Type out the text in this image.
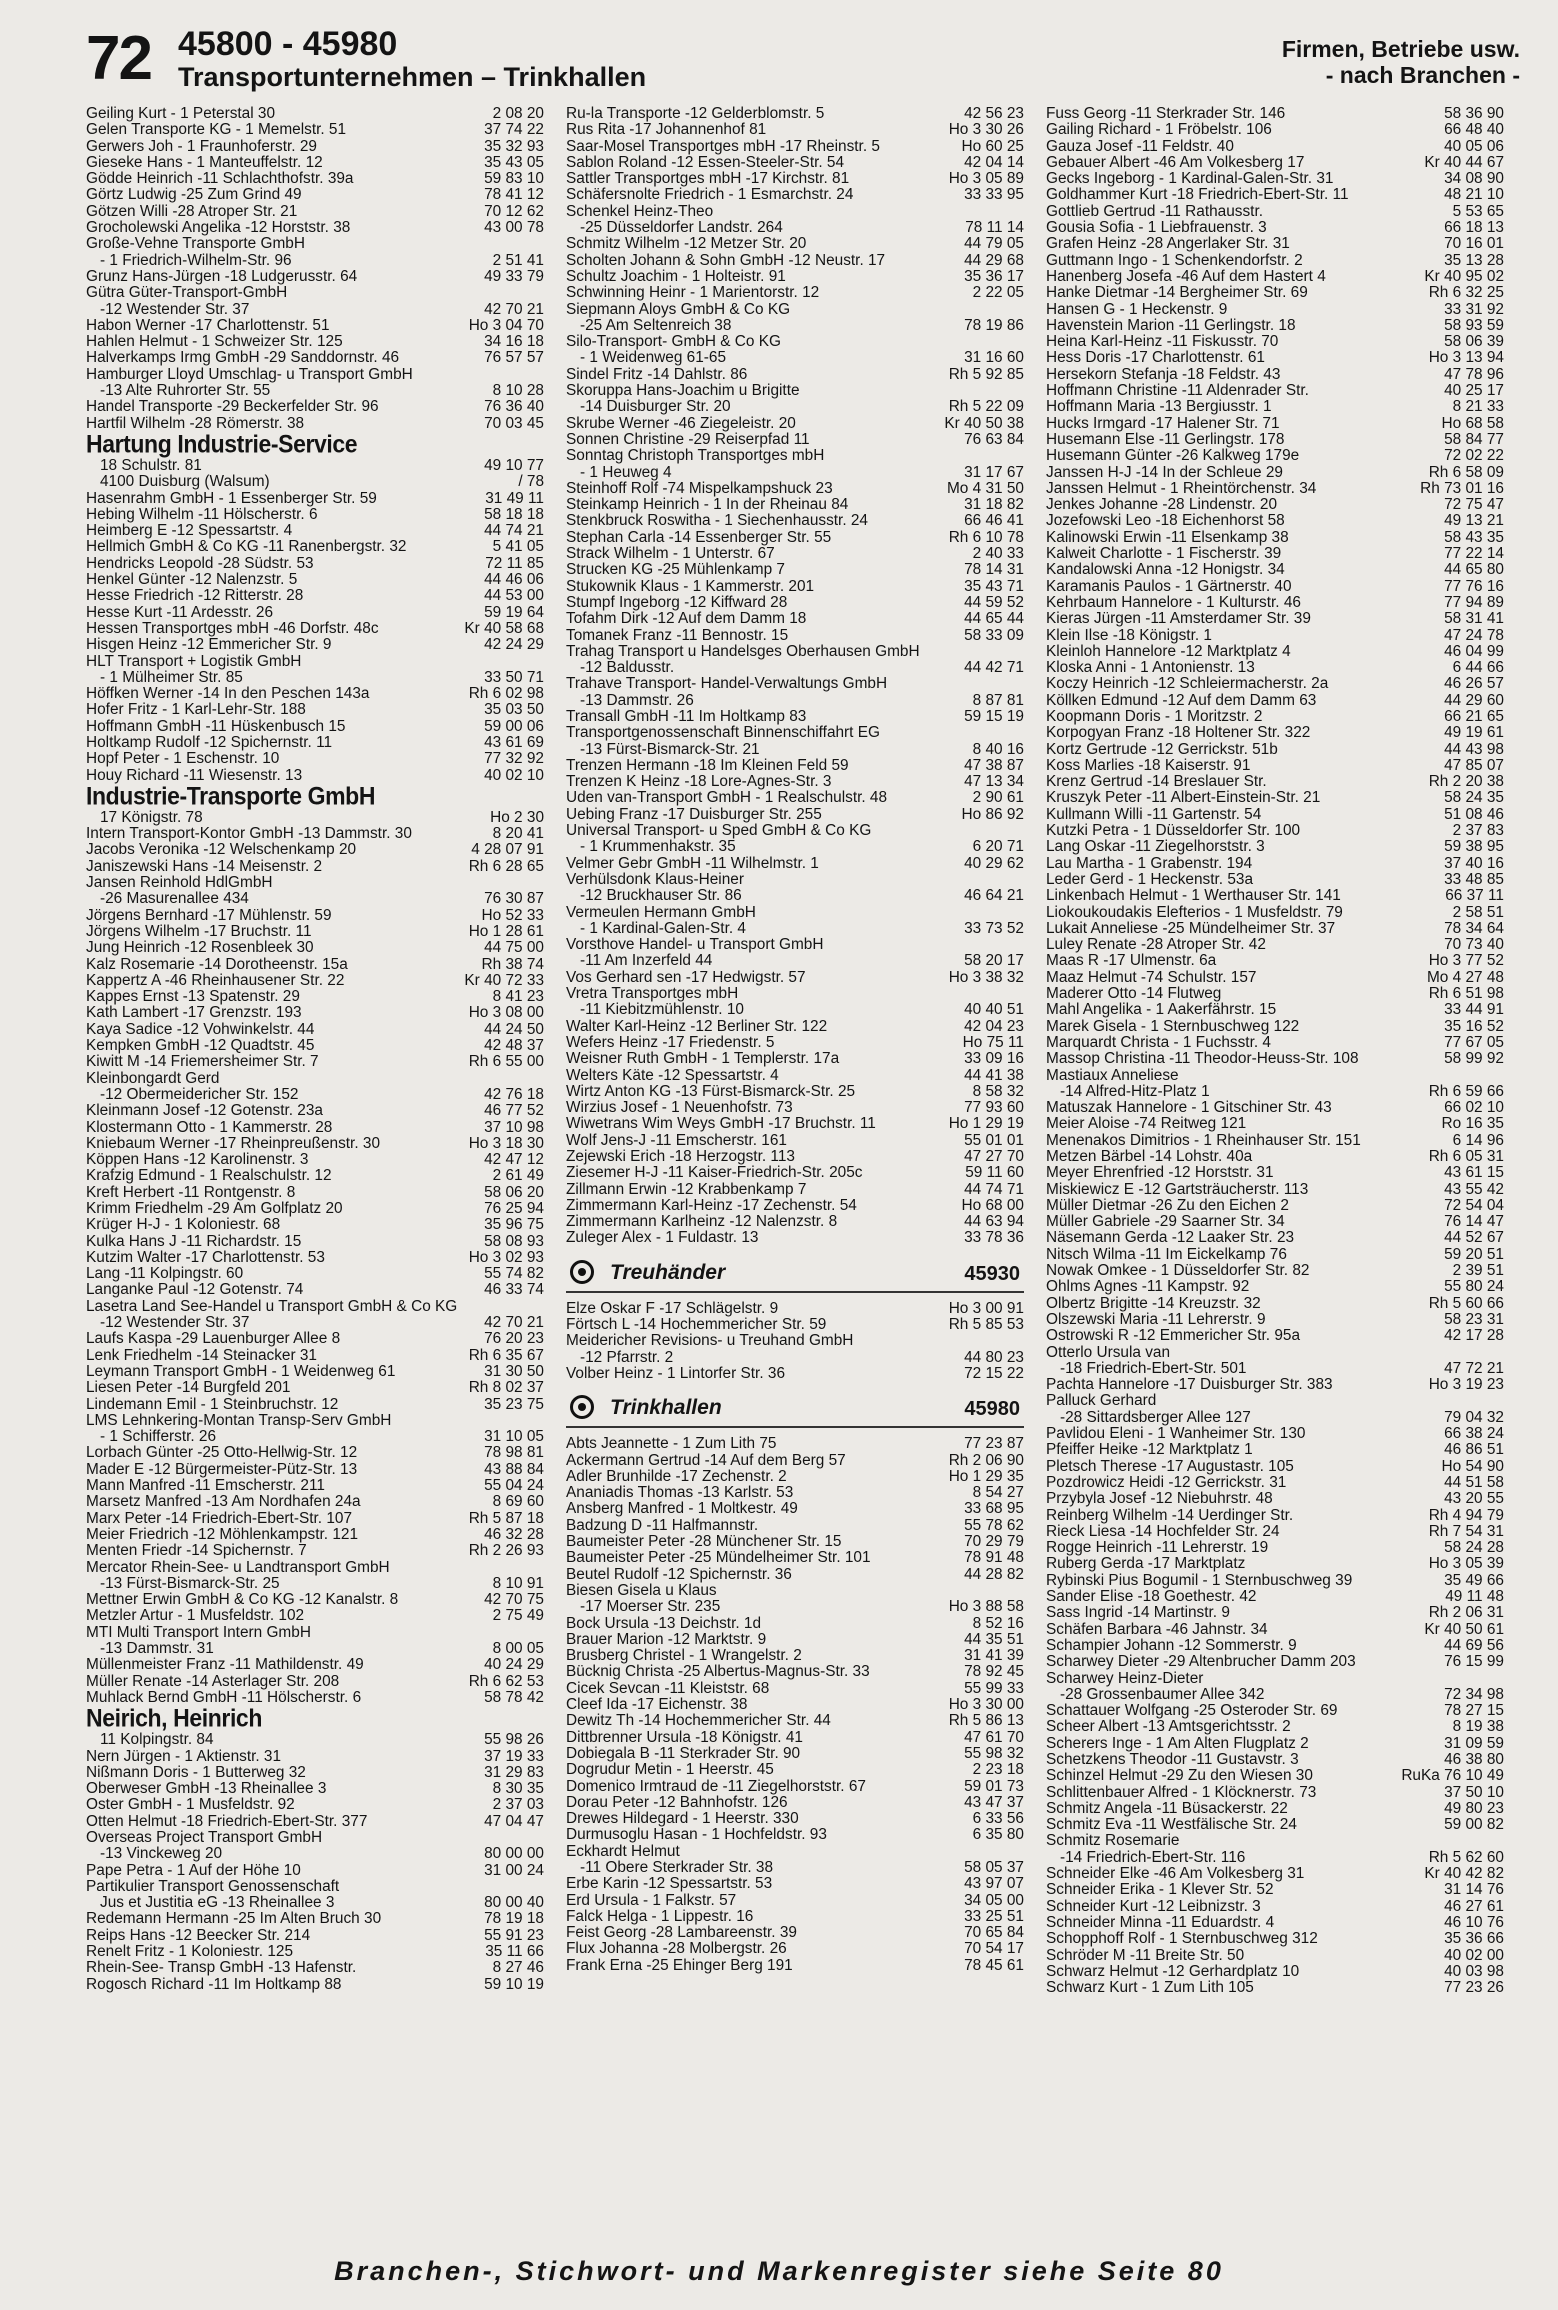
72 45800 - 45980
Transportunternehmen – Trinkhallen
Firmen, Betriebe usw.
- nach Branchen -
Geiling Kurt - 1 Peterstal 30	2 08 20
Gelen Transporte KG - 1 Memelstr. 51	37 74 22
Gerwers Joh - 1 Fraunhoferstr. 29	35 32 93
Gieseke Hans - 1 Manteuffelstr. 12	35 43 05
Gödde Heinrich -11 Schlachthofstr. 39a	59 83 10
Görtz Ludwig -25 Zum Grind 49	78 41 12
Götzen Willi -28 Atroper Str. 21	70 12 62
Grocholewski Angelika -12 Horststr. 38	43 00 78
Große-Vehne Transporte GmbH
- 1 Friedrich-Wilhelm-Str. 96	2 51 41
Grunz Hans-Jürgen -18 Ludgerusstr. 64	49 33 79
Gütra Güter-Transport-GmbH
-12 Westender Str. 37	42 70 21
Habon Werner -17 Charlottenstr. 51	Ho 3 04 70
Hahlen Helmut - 1 Schweizer Str. 125	34 16 18
Halverkamps Irmg GmbH -29 Sanddornstr. 46	76 57 57
Hamburger Lloyd Umschlag- u Transport GmbH
-13 Alte Ruhrorter Str. 55	8 10 28
Handel Transporte -29 Beckerfelder Str. 96	76 36 40
Hartfil Wilhelm -28 Römerstr. 38	70 03 45
Hartung Industrie-Service
18 Schulstr. 81	49 10 77
4100 Duisburg (Walsum)	/ 78
Hasenrahm GmbH - 1 Essenberger Str. 59	31 49 11
Hebing Wilhelm -11 Hölscherstr. 6	58 18 18
Heimberg E -12 Spessartstr. 4	44 74 21
Hellmich GmbH & Co KG -11 Ranenbergstr. 32	5 41 05
Hendricks Leopold -28 Südstr. 53	72 11 85
Henkel Günter -12 Nalenzstr. 5	44 46 06
Hesse Friedrich -12 Ritterstr. 28	44 53 00
Hesse Kurt -11 Ardesstr. 26	59 19 64
Hessen Transportges mbH -46 Dorfstr. 48c	Kr 40 58 68
Hisgen Heinz -12 Emmericher Str. 9	42 24 29
HLT Transport + Logistik GmbH
- 1 Mülheimer Str. 85	33 50 71
Höffken Werner -14 In den Peschen 143a	Rh 6 02 98
Hofer Fritz - 1 Karl-Lehr-Str. 188	35 03 50
Hoffmann GmbH -11 Hüskenbusch 15	59 00 06
Holtkamp Rudolf -12 Spichernstr. 11	43 61 69
Hopf Peter - 1 Eschenstr. 10	77 32 92
Houy Richard -11 Wiesenstr. 13	40 02 10
Industrie-Transporte GmbH
17 Königstr. 78	Ho 2 30
Intern Transport-Kontor GmbH -13 Dammstr. 30	8 20 41
Jacobs Veronika -12 Welschenkamp 20	4 28 07 91
Janiszewski Hans -14 Meisenstr. 2	Rh 6 28 65
Jansen Reinhold HdlGmbH
-26 Masurenallee 434	76 30 87
Jörgens Bernhard -17 Mühlenstr. 59	Ho 52 33
Jörgens Wilhelm -17 Bruchstr. 11	Ho 1 28 61
Jung Heinrich -12 Rosenbleek 30	44 75 00
Kalz Rosemarie -14 Dorotheenstr. 15a	Rh 38 74
Kappertz A -46 Rheinhausener Str. 22	Kr 40 72 33
Kappes Ernst -13 Spatenstr. 29	8 41 23
Kath Lambert -17 Grenzstr. 193	Ho 3 08 00
Kaya Sadice -12 Vohwinkelstr. 44	44 24 50
Kempken GmbH -12 Quadtstr. 45	42 48 37
Kiwitt M -14 Friemersheimer Str. 7	Rh 6 55 00
Kleinbongardt Gerd
-12 Obermeidericher Str. 152	42 76 18
Kleinmann Josef -12 Gotenstr. 23a	46 77 52
Klostermann Otto - 1 Kammerstr. 28	37 10 98
Kniebaum Werner -17 Rheinpreußenstr. 30	Ho 3 18 30
Köppen Hans -12 Karolinenstr. 3	42 47 12
Krafzig Edmund - 1 Realschulstr. 12	2 61 49
Kreft Herbert -11 Rontgenstr. 8	58 06 20
Krimm Friedhelm -29 Am Golfplatz 20	76 25 94
Krüger H-J - 1 Koloniestr. 68	35 96 75
Kulka Hans J -11 Richardstr. 15	58 08 93
Kutzim Walter -17 Charlottenstr. 53	Ho 3 02 93
Lang -11 Kolpingstr. 60	55 74 82
Langanke Paul -12 Gotenstr. 74	46 33 74
Lasetra Land See-Handel u Transport GmbH & Co KG
-12 Westender Str. 37	42 70 21
Laufs Kaspa -29 Lauenburger Allee 8	76 20 23
Lenk Friedhelm -14 Steinacker 31	Rh 6 35 67
Leymann Transport GmbH - 1 Weidenweg 61	31 30 50
Liesen Peter -14 Burgfeld 201	Rh 8 02 37
Lindemann Emil - 1 Steinbruchstr. 12	35 23 75
LMS Lehnkering-Montan Transp-Serv GmbH
- 1 Schifferstr. 26	31 10 05
Lorbach Günter -25 Otto-Hellwig-Str. 12	78 98 81
Mader E -12 Bürgermeister-Pütz-Str. 13	43 88 84
Mann Manfred -11 Emscherstr. 211	55 04 24
Marsetz Manfred -13 Am Nordhafen 24a	8 69 60
Marx Peter -14 Friedrich-Ebert-Str. 107	Rh 5 87 18
Meier Friedrich -12 Möhlenkampstr. 121	46 32 28
Menten Friedr -14 Spichernstr. 7	Rh 2 26 93
Mercator Rhein-See- u Landtransport GmbH
-13 Fürst-Bismarck-Str. 25	8 10 91
Mettner Erwin GmbH & Co KG -12 Kanalstr. 8	42 70 75
Metzler Artur - 1 Musfeldstr. 102	2 75 49
MTI Multi Transport Intern GmbH
-13 Dammstr. 31	8 00 05
Müllenmeister Franz -11 Mathildenstr. 49	40 24 29
Müller Renate -14 Asterlager Str. 208	Rh 6 62 53
Muhlack Bernd GmbH -11 Hölscherstr. 6	58 78 42
Neirich, Heinrich
11 Kolpingstr. 84	55 98 26
Nern Jürgen - 1 Aktienstr. 31	37 19 33
Nißmann Doris - 1 Butterweg 32	31 29 83
Oberweser GmbH -13 Rheinallee 3	8 30 35
Oster GmbH - 1 Musfeldstr. 92	2 37 03
Otten Helmut -18 Friedrich-Ebert-Str. 377	47 04 47
Overseas Project Transport GmbH
-13 Vinckeweg 20	80 00 00
Pape Petra - 1 Auf der Höhe 10	31 00 24
Partikulier Transport Genossenschaft
Jus et Justitia eG -13 Rheinallee 3	80 00 40
Redemann Hermann -25 Im Alten Bruch 30	78 19 18
Reips Hans -12 Beecker Str. 214	55 91 23
Renelt Fritz - 1 Koloniestr. 125	35 11 66
Rhein-See- Transp GmbH -13 Hafenstr.	8 27 46
Rogosch Richard -11 Im Holtkamp 88	59 10 19
Ru-la Transporte -12 Gelderblomstr. 5	42 56 23
Rus Rita -17 Johannenhof 81	Ho 3 30 26
Saar-Mosel Transportges mbH -17 Rheinstr. 5	Ho 60 25
Sablon Roland -12 Essen-Steeler-Str. 54	42 04 14
Sattler Transportges mbH -17 Kirchstr. 81	Ho 3 05 89
Schäfersnolte Friedrich - 1 Esmarchstr. 24	33 33 95
Schenkel Heinz-Theo
-25 Düsseldorfer Landstr. 264	78 11 14
Schmitz Wilhelm -12 Metzer Str. 20	44 79 05
Scholten Johann & Sohn GmbH -12 Neustr. 17	44 29 68
Schultz Joachim - 1 Holteistr. 91	35 36 17
Schwinning Heinr - 1 Marientorstr. 12	2 22 05
Siepmann Aloys GmbH & Co KG
-25 Am Seltenreich 38	78 19 86
Silo-Transport- GmbH & Co KG
- 1 Weidenweg 61-65	31 16 60
Sindel Fritz -14 Dahlstr. 86	Rh 5 92 85
Skoruppa Hans-Joachim u Brigitte
-14 Duisburger Str. 20	Rh 5 22 09
Skrube Werner -46 Ziegeleistr. 20	Kr 40 50 38
Sonnen Christine -29 Reiserpfad 11	76 63 84
Sonntag Christoph Transportges mbH
- 1 Heuweg 4	31 17 67
Steinhoff Rolf -74 Mispelkampshuck 23	Mo 4 31 50
Steinkamp Heinrich - 1 In der Rheinau 84	31 18 82
Stenkbruck Roswitha - 1 Siechenhausstr. 24	66 46 41
Stephan Carla -14 Essenberger Str. 55	Rh 6 10 78
Strack Wilhelm - 1 Unterstr. 67	2 40 33
Strucken KG -25 Mühlenkamp 7	78 14 31
Stukownik Klaus - 1 Kammerstr. 201	35 43 71
Stumpf Ingeborg -12 Kiffward 28	44 59 52
Tofahm Dirk -12 Auf dem Damm 18	44 65 44
Tomanek Franz -11 Bennostr. 15	58 33 09
Trahag Transport u Handelsges Oberhausen GmbH
-12 Baldusstr.	44 42 71
Trahave Transport- Handel-Verwaltungs GmbH
-13 Dammstr. 26	8 87 81
Transall GmbH -11 Im Holtkamp 83	59 15 19
Transportgenossenschaft Binnenschiffahrt EG
-13 Fürst-Bismarck-Str. 21	8 40 16
Trenzen Hermann -18 Im Kleinen Feld 59	47 38 87
Trenzen K Heinz -18 Lore-Agnes-Str. 3	47 13 34
Uden van-Transport GmbH - 1 Realschulstr. 48	2 90 61
Uebing Franz -17 Duisburger Str. 255	Ho 86 92
Universal Transport- u Sped GmbH & Co KG
- 1 Krummenhakstr. 35	6 20 71
Velmer Gebr GmbH -11 Wilhelmstr. 1	40 29 62
Verhülsdonk Klaus-Heiner
-12 Bruckhauser Str. 86	46 64 21
Vermeulen Hermann GmbH
- 1 Kardinal-Galen-Str. 4	33 73 52
Vorsthove Handel- u Transport GmbH
-11 Am Inzerfeld 44	58 20 17
Vos Gerhard sen -17 Hedwigstr. 57	Ho 3 38 32
Vretra Transportges mbH
-11 Kiebitzmühlenstr. 10	40 40 51
Walter Karl-Heinz -12 Berliner Str. 122	42 04 23
Wefers Heinz -17 Friedenstr. 5	Ho 75 11
Weisner Ruth GmbH - 1 Templerstr. 17a	33 09 16
Welters Käte -12 Spessartstr. 4	44 41 38
Wirtz Anton KG -13 Fürst-Bismarck-Str. 25	8 58 32
Wirzius Josef - 1 Neuenhofstr. 73	77 93 60
Wiwetrans Wim Weys GmbH -17 Bruchstr. 11	Ho 1 29 19
Wolf Jens-J -11 Emscherstr. 161	55 01 01
Zejewski Erich -18 Herzogstr. 113	47 27 70
Ziesemer H-J -11 Kaiser-Friedrich-Str. 205c	59 11 60
Zillmann Erwin -12 Krabbenkamp 7	44 74 71
Zimmermann Karl-Heinz -17 Zechenstr. 54	Ho 68 00
Zimmermann Karlheinz -12 Nalenzstr. 8	44 63 94
Zuleger Alex - 1 Fuldastr. 13	33 78 36
Treuhänder	45930
Elze Oskar F -17 Schlägelstr. 9	Ho 3 00 91
Förtsch L -14 Hochemmericher Str. 59	Rh 5 85 53
Meidericher Revisions- u Treuhand GmbH
-12 Pfarrstr. 2	44 80 23
Volber Heinz - 1 Lintorfer Str. 36	72 15 22
Trinkhallen	45980
Abts Jeannette - 1 Zum Lith 75	77 23 87
Ackermann Gertrud -14 Auf dem Berg 57	Rh 2 06 90
Adler Brunhilde -17 Zechenstr. 2	Ho 1 29 35
Ananiadis Thomas -13 Karlstr. 53	8 54 27
Ansberg Manfred - 1 Moltkestr. 49	33 68 95
Badzung D -11 Halfmannstr.	55 78 62
Baumeister Peter -28 Münchener Str. 15	70 29 79
Baumeister Peter -25 Mündelheimer Str. 101	78 91 48
Beutel Rudolf -12 Spichernstr. 36	44 28 82
Biesen Gisela u Klaus
-17 Moerser Str. 235	Ho 3 88 58
Bock Ursula -13 Deichstr. 1d	8 52 16
Brauer Marion -12 Marktstr. 9	44 35 51
Brusberg Christel - 1 Wrangelstr. 2	31 41 39
Bücknig Christa -25 Albertus-Magnus-Str. 33	78 92 45
Cicek Sevcan -11 Kleiststr. 68	55 99 33
Cleef Ida -17 Eichenstr. 38	Ho 3 30 00
Dewitz Th -14 Hochemmericher Str. 44	Rh 5 86 13
Dittbrenner Ursula -18 Königstr. 41	47 61 70
Dobiegala B -11 Sterkrader Str. 90	55 98 32
Dogrudur Metin - 1 Heerstr. 45	2 23 18
Domenico Irmtraud de -11 Ziegelhorststr. 67	59 01 73
Dorau Peter -12 Bahnhofstr. 126	43 47 37
Drewes Hildegard - 1 Heerstr. 330	6 33 56
Durmusoglu Hasan - 1 Hochfeldstr. 93	6 35 80
Eckhardt Helmut
-11 Obere Sterkrader Str. 38	58 05 37
Erbe Karin -12 Spessartstr. 53	43 97 07
Erd Ursula - 1 Falkstr. 57	34 05 00
Falck Helga - 1 Lippestr. 16	33 25 51
Feist Georg -28 Lambareenstr. 39	70 65 84
Flux Johanna -28 Molbergstr. 26	70 54 17
Frank Erna -25 Ehinger Berg 191	78 45 61
Fuss Georg -11 Sterkrader Str. 146	58 36 90
Gailing Richard - 1 Fröbelstr. 106	66 48 40
Gauza Josef -11 Feldstr. 40	40 05 06
Gebauer Albert -46 Am Volkesberg 17	Kr 40 44 67
Gecks Ingeborg - 1 Kardinal-Galen-Str. 31	34 08 90
Goldhammer Kurt -18 Friedrich-Ebert-Str. 11	48 21 10
Gottlieb Gertrud -11 Rathausstr.	5 53 65
Gousia Sofia - 1 Liebfrauenstr. 3	66 18 13
Grafen Heinz -28 Angerlaker Str. 31	70 16 01
Guttmann Ingo - 1 Schenkendorfstr. 2	35 13 28
Hanenberg Josefa -46 Auf dem Hastert 4	Kr 40 95 02
Hanke Dietmar -14 Bergheimer Str. 69	Rh 6 32 25
Hansen G - 1 Heckenstr. 9	33 31 92
Havenstein Marion -11 Gerlingstr. 18	58 93 59
Heina Karl-Heinz -11 Fiskusstr. 70	58 06 39
Hess Doris -17 Charlottenstr. 61	Ho 3 13 94
Hersekorn Stefanja -18 Feldstr. 43	47 78 96
Hoffmann Christine -11 Aldenrader Str.	40 25 17
Hoffmann Maria -13 Bergiusstr. 1	8 21 33
Hucks Irmgard -17 Halener Str. 71	Ho 68 58
Husemann Else -11 Gerlingstr. 178	58 84 77
Husemann Günter -26 Kalkweg 179e	72 02 22
Janssen H-J -14 In der Schleue 29	Rh 6 58 09
Janssen Helmut - 1 Rheintörchenstr. 34	Rh 73 01 16
Jenkes Johanne -28 Lindenstr. 20	72 75 47
Jozefowski Leo -18 Eichenhorst 58	49 13 21
Kalinowski Erwin -11 Elsenkamp 38	58 43 35
Kalweit Charlotte - 1 Fischerstr. 39	77 22 14
Kandalowski Anna -12 Honigstr. 34	44 65 80
Karamanis Paulos - 1 Gärtnerstr. 40	77 76 16
Kehrbaum Hannelore - 1 Kulturstr. 46	77 94 89
Kieras Jürgen -11 Amsterdamer Str. 39	58 31 41
Klein Ilse -18 Königstr. 1	47 24 78
Kleinloh Hannelore -12 Marktplatz 4	46 04 99
Kloska Anni - 1 Antonienstr. 13	6 44 66
Koczy Heinrich -12 Schleiermacherstr. 2a	46 26 57
Köllken Edmund -12 Auf dem Damm 63	44 29 60
Koopmann Doris - 1 Moritzstr. 2	66 21 65
Korpogyan Franz -18 Holtener Str. 322	49 19 61
Kortz Gertrude -12 Gerrickstr. 51b	44 43 98
Koss Marlies -18 Kaiserstr. 91	47 85 07
Krenz Gertrud -14 Breslauer Str.	Rh 2 20 38
Kruszyk Peter -11 Albert-Einstein-Str. 21	58 24 35
Kullmann Willi -11 Gartenstr. 54	51 08 46
Kutzki Petra - 1 Düsseldorfer Str. 100	2 37 83
Lang Oskar -11 Ziegelhorststr. 3	59 38 95
Lau Martha - 1 Grabenstr. 194	37 40 16
Leder Gerd - 1 Heckenstr. 53a	33 48 85
Linkenbach Helmut - 1 Werthauser Str. 141	66 37 11
Liokoukoudakis Elefterios - 1 Musfeldstr. 79	2 58 51
Lukait Anneliese -25 Mündelheimer Str. 37	78 34 64
Luley Renate -28 Atroper Str. 42	70 73 40
Maas R -17 Ulmenstr. 6a	Ho 3 77 52
Maaz Helmut -74 Schulstr. 157	Mo 4 27 48
Maderer Otto -14 Flutweg	Rh 6 51 98
Mahl Angelika - 1 Aakerfährstr. 15	33 44 91
Marek Gisela - 1 Sternbuschweg 122	35 16 52
Marquardt Christa - 1 Fuchsstr. 4	77 67 05
Massop Christina -11 Theodor-Heuss-Str. 108	58 99 92
Mastiaux Anneliese
-14 Alfred-Hitz-Platz 1	Rh 6 59 66
Matuszak Hannelore - 1 Gitschiner Str. 43	66 02 10
Meier Aloise -74 Reitweg 121	Ro 16 35
Menenakos Dimitrios - 1 Rheinhauser Str. 151	6 14 96
Metzen Bärbel -14 Lohstr. 40a	Rh 6 05 31
Meyer Ehrenfried -12 Horststr. 31	43 61 15
Miskiewicz E -12 Gartsträucherstr. 113	43 55 42
Müller Dietmar -26 Zu den Eichen 2	72 54 04
Müller Gabriele -29 Saarner Str. 34	76 14 47
Näsemann Gerda -12 Laaker Str. 23	44 52 67
Nitsch Wilma -11 Im Eickelkamp 76	59 20 51
Nowak Omkee - 1 Düsseldorfer Str. 82	2 39 51
Ohlms Agnes -11 Kampstr. 92	55 80 24
Olbertz Brigitte -14 Kreuzstr. 32	Rh 5 60 66
Olszewski Maria -11 Lehrerstr. 9	58 23 31
Ostrowski R -12 Emmericher Str. 95a	42 17 28
Otterlo Ursula van
-18 Friedrich-Ebert-Str. 501	47 72 21
Pachta Hannelore -17 Duisburger Str. 383	Ho 3 19 23
Palluck Gerhard
-28 Sittardsberger Allee 127	79 04 32
Pavlidou Eleni - 1 Wanheimer Str. 130	66 38 24
Pfeiffer Heike -12 Marktplatz 1	46 86 51
Pletsch Therese -17 Augustastr. 105	Ho 54 90
Pozdrowicz Heidi -12 Gerrickstr. 31	44 51 58
Przybyla Josef -12 Niebuhrstr. 48	43 20 55
Reinberg Wilhelm -14 Uerdinger Str.	Rh 4 94 79
Rieck Liesa -14 Hochfelder Str. 24	Rh 7 54 31
Rogge Heinrich -11 Lehrerstr. 19	58 24 28
Ruberg Gerda -17 Marktplatz	Ho 3 05 39
Rybinski Pius Bogumil - 1 Sternbuschweg 39	35 49 66
Sander Elise -18 Goethestr. 42	49 11 48
Sass Ingrid -14 Martinstr. 9	Rh 2 06 31
Schäfen Barbara -46 Jahnstr. 34	Kr 40 50 61
Schampier Johann -12 Sommerstr. 9	44 69 56
Scharwey Dieter -29 Altenbrucher Damm 203	76 15 99
Scharwey Heinz-Dieter
-28 Grossenbaumer Allee 342	72 34 98
Schattauer Wolfgang -25 Osteroder Str. 69	78 27 15
Scheer Albert -13 Amtsgerichtsstr. 2	8 19 38
Scherers Inge - 1 Am Alten Flugplatz 2	31 09 59
Schetzkens Theodor -11 Gustavstr. 3	46 38 80
Schinzel Helmut -29 Zu den Wiesen 30	RuKa 76 10 49
Schlittenbauer Alfred - 1 Klöcknerstr. 73	37 50 10
Schmitz Angela -11 Büsackerstr. 22	49 80 23
Schmitz Eva -11 Westfälische Str. 24	59 00 82
Schmitz Rosemarie
-14 Friedrich-Ebert-Str. 116	Rh 5 62 60
Schneider Elke -46 Am Volkesberg 31	Kr 40 42 82
Schneider Erika - 1 Klever Str. 52	31 14 76
Schneider Kurt -12 Leibnizstr. 3	46 27 61
Schneider Minna -11 Eduardstr. 4	46 10 76
Schopphoff Rolf - 1 Sternbuschweg 312	35 36 66
Schröder M -11 Breite Str. 50	40 02 00
Schwarz Helmut -12 Gerhardplatz 10	40 03 98
Schwarz Kurt - 1 Zum Lith 105	77 23 26
Branchen-, Stichwort- und Markenregister siehe Seite 80
